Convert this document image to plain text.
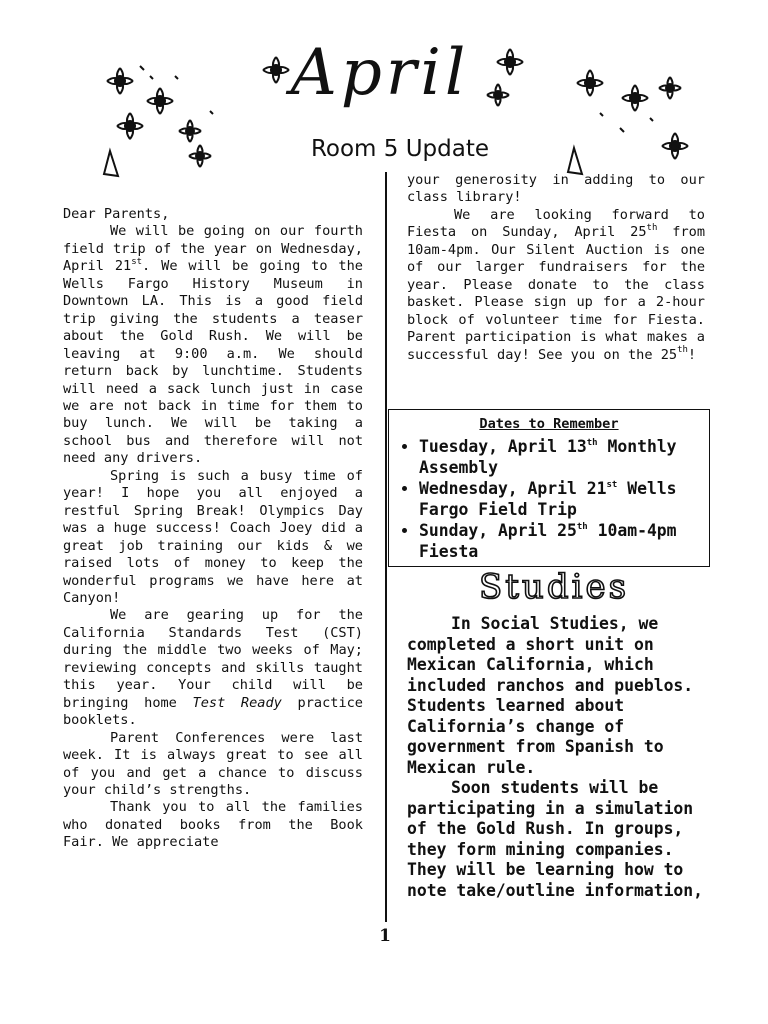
April
Room 5 Update

Dear Parents,

We will be going on our fourth field trip of the year on Wednesday, April 21st. We will be going to the Wells Fargo History Museum in Downtown LA. This is a good field trip giving the students a teaser about the Gold Rush. We will be leaving at 9:00 a.m. We should return back by lunchtime. Students will need a sack lunch just in case we are not back in time for them to buy lunch. We will be taking a school bus and therefore will not need any drivers.

Spring is such a busy time of year! I hope you all enjoyed a restful Spring Break! Olympics Day was a huge success! Coach Joey did a great job training our kids & we raised lots of money to keep the wonderful programs we have here at Canyon!

We are gearing up for the California Standards Test (CST) during the middle two weeks of May; reviewing concepts and skills taught this year. Your child will be bringing home Test Ready practice booklets.

Parent Conferences were last week. It is always great to see all of you and get a chance to discuss your child’s strengths.

Thank you to all the families who donated books from the Book Fair. We appreciate

your generosity in adding to our class library!

We are looking forward to Fiesta on Sunday, April 25th from 10am-4pm. Our Silent Auction is one of our larger fundraisers for the year. Please donate to the class basket. Please sign up for a 2-hour block of volunteer time for Fiesta. Parent participation is what makes a successful day! See you on the 25th!

Dates to Remember
• Tuesday, April 13th Monthly Assembly
• Wednesday, April 21st Wells Fargo Field Trip
• Sunday, April 25th 10am-4pm Fiesta
Studies

In Social Studies, we completed a short unit on Mexican California, which included ranchos and pueblos. Students learned about California’s change of government from Spanish to Mexican rule.

Soon students will be participating in a simulation of the Gold Rush. In groups, they form mining companies. They will be learning how to note take/outline information,

1
